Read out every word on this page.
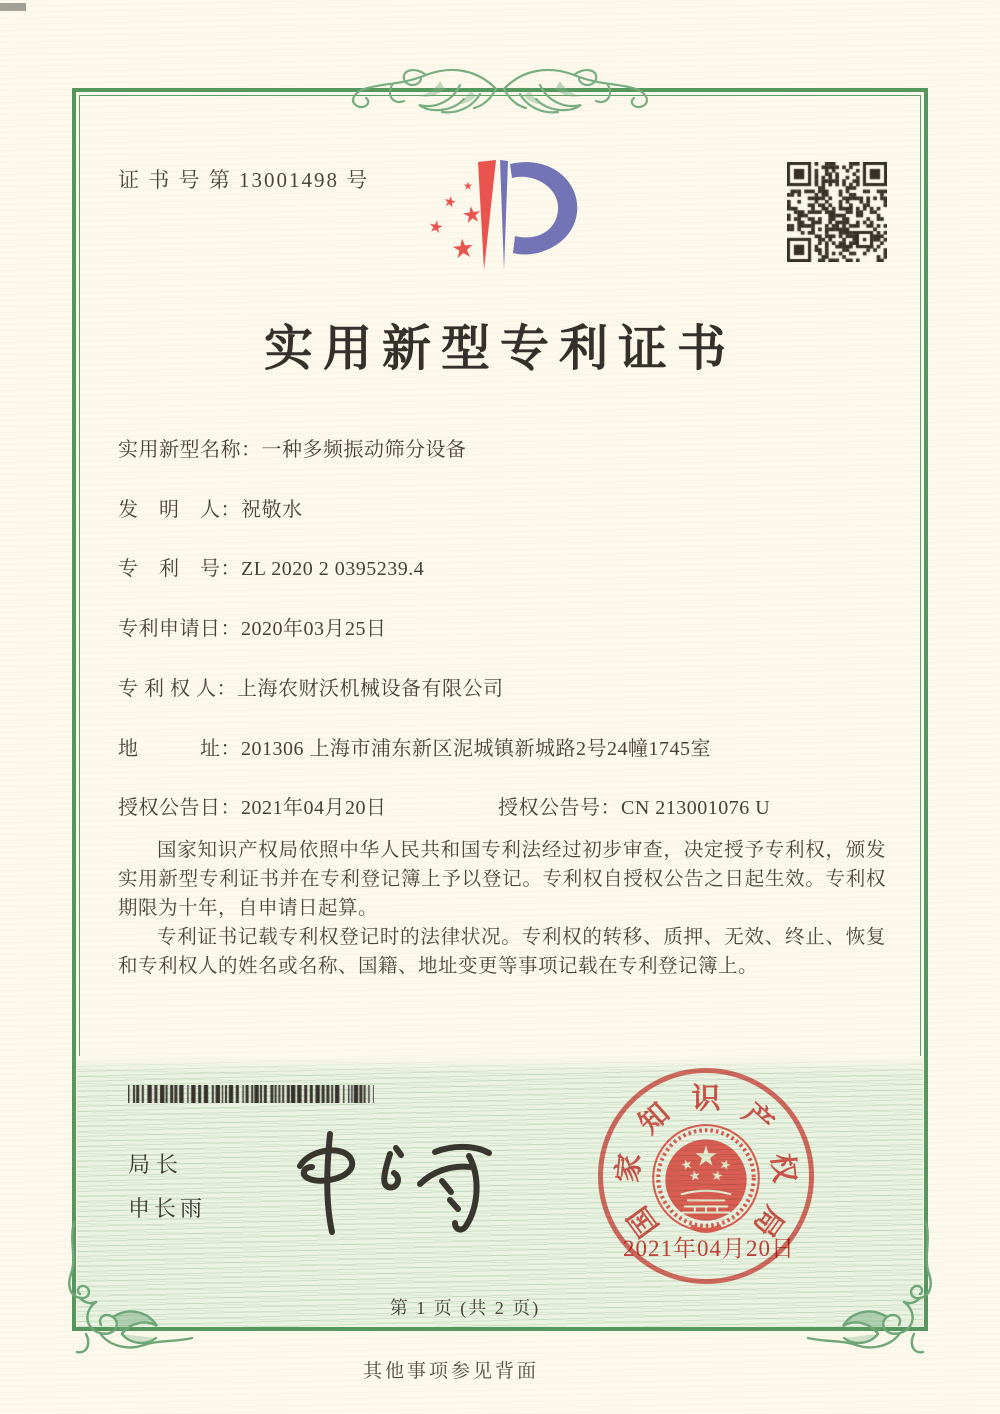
证 书 号 第 13001498 号
实用新型专利证书
实用新型名称：一种多频振动筛分设备
发　明　人：祝敬水
专　利　号：ZL 2020 2 0395239.4
专利申请日：2020年03月25日
专 利 权 人：上海农财沃机械设备有限公司
地　　　址：201306 上海市浦东新区泥城镇新城路2号24幢1745室
授权公告日：2021年04月20日	授权公告号：CN 213001076 U

国家知识产权局依照中华人民共和国专利法经过初步审查，决定授予专利权，颁发实用新型专利证书并在专利登记簿上予以登记。专利权自授权公告之日起生效。专利权期限为十年，自申请日起算。

专利证书记载专利权登记时的法律状况。专利权的转移、质押、无效、终止、恢复和专利权人的姓名或名称、国籍、地址变更等事项记载在专利登记簿上。

局长
申长雨	国
家
知 识 产
权
局
2021年04月20日
第 1 页 (共 2 页)
其他事项参见背面
